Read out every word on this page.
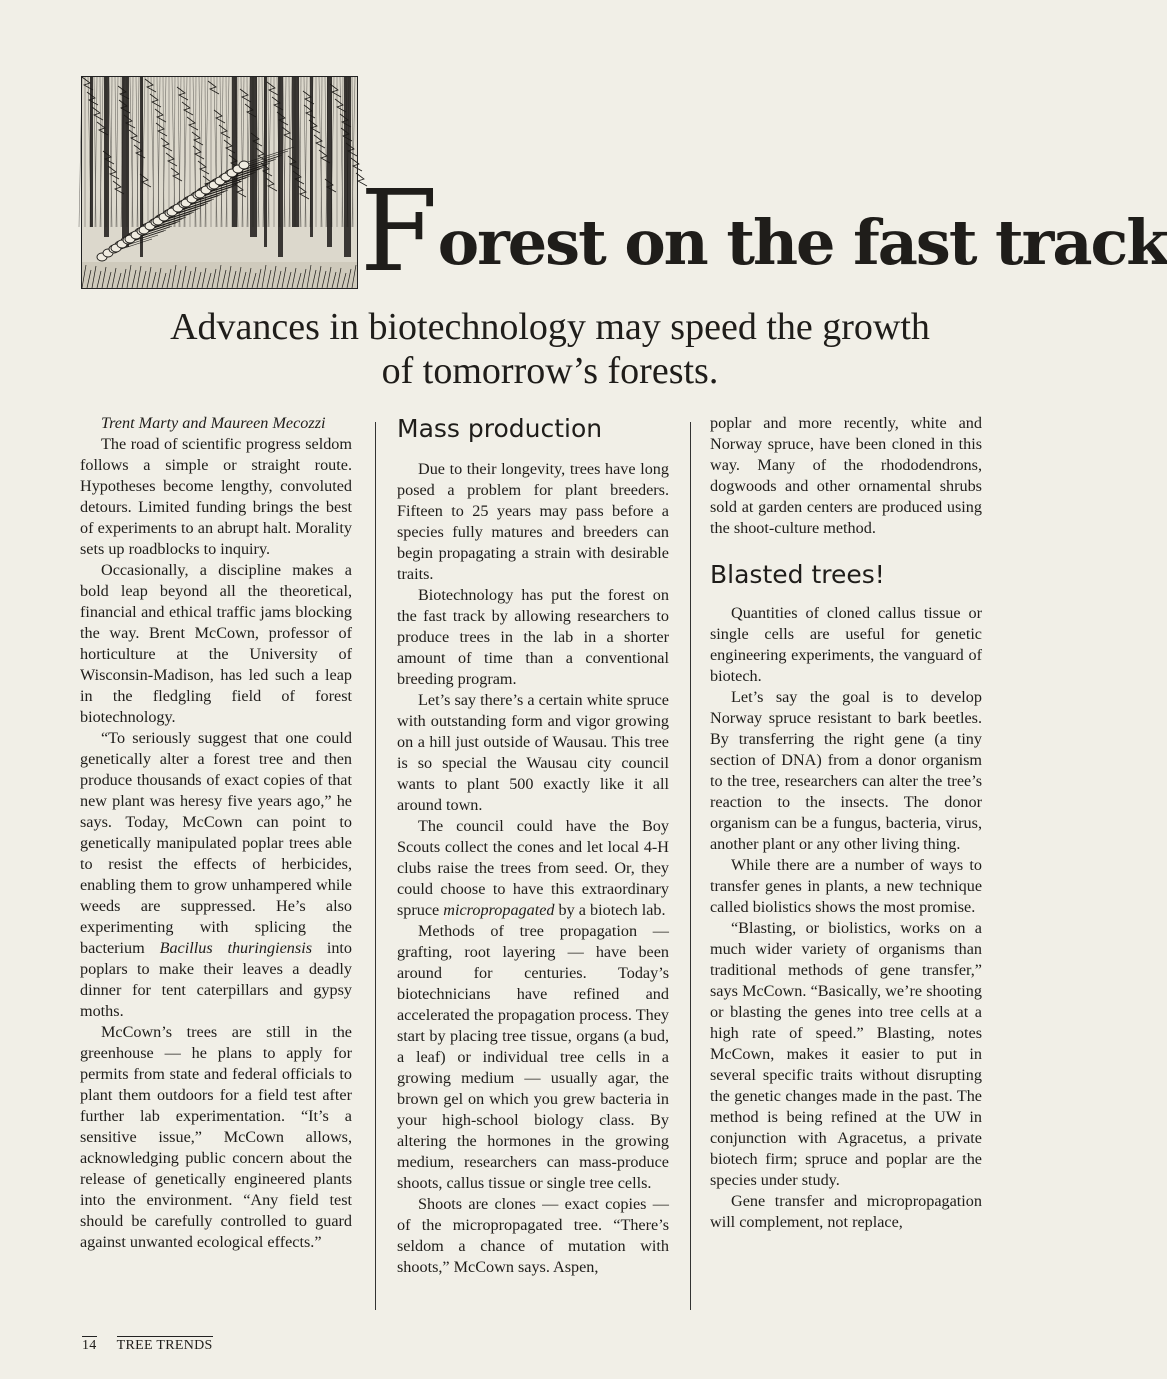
Forest on the fast track
Advances in biotechnology may speed the growth of tomorrow’s forests.

Trent Marty and Maureen Mecozzi

The road of scientific progress seldom follows a simple or straight route. Hypotheses become lengthy, convoluted detours. Limited funding brings the best of experiments to an abrupt halt. Morality sets up roadblocks to inquiry.

Occasionally, a discipline makes a bold leap beyond all the theoretical, financial and ethical traffic jams blocking the way. Brent McCown, professor of horticulture at the University of Wisconsin-Madison, has led such a leap in the fledgling field of forest biotechnology.

“To seriously suggest that one could genetically alter a forest tree and then produce thousands of exact copies of that new plant was heresy five years ago,” he says. Today, McCown can point to genetically manipulated poplar trees able to resist the effects of herbicides, enabling them to grow unhampered while weeds are suppressed. He’s also experimenting with splicing the bacterium Bacillus thuringiensis into poplars to make their leaves a deadly dinner for tent caterpillars and gypsy moths.

McCown’s trees are still in the greenhouse — he plans to apply for permits from state and federal officials to plant them outdoors for a field test after further lab experimentation. “It’s a sensitive issue,” McCown allows, acknowledging public concern about the release of genetically engineered plants into the environment. “Any field test should be carefully controlled to guard against unwanted ecological effects.”

Mass production

Due to their longevity, trees have long posed a problem for plant breeders. Fifteen to 25 years may pass before a species fully matures and breeders can begin propagating a strain with desirable traits.

Biotechnology has put the forest on the fast track by allowing researchers to produce trees in the lab in a shorter amount of time than a conventional breeding program.

Let’s say there’s a certain white spruce with outstanding form and vigor growing on a hill just outside of Wausau. This tree is so special the Wausau city council wants to plant 500 exactly like it all around town.

The council could have the Boy Scouts collect the cones and let local 4-H clubs raise the trees from seed. Or, they could choose to have this extraordinary spruce micropropagated by a biotech lab.

Methods of tree propagation — grafting, root layering — have been around for centuries. Today’s biotechnicians have refined and accelerated the propagation process. They start by placing tree tissue, organs (a bud, a leaf) or individual tree cells in a growing medium — usually agar, the brown gel on which you grew bacteria in your high-school biology class. By altering the hormones in the growing medium, researchers can mass-produce shoots, callus tissue or single tree cells.

Shoots are clones — exact copies — of the micropropagated tree. “There’s seldom a chance of mutation with shoots,” McCown says. Aspen,

poplar and more recently, white and Norway spruce, have been cloned in this way. Many of the rhododendrons, dogwoods and other ornamental shrubs sold at garden centers are produced using the shoot-culture method.

Blasted trees!

Quantities of cloned callus tissue or single cells are useful for genetic engineering experiments, the vanguard of biotech.

Let’s say the goal is to develop Norway spruce resistant to bark beetles. By transferring the right gene (a tiny section of DNA) from a donor organism to the tree, researchers can alter the tree’s reaction to the insects. The donor organism can be a fungus, bacteria, virus, another plant or any other living thing.

While there are a number of ways to transfer genes in plants, a new technique called biolistics shows the most promise.

“Blasting, or biolistics, works on a much wider variety of organisms than traditional methods of gene transfer,” says McCown. “Basically, we’re shooting or blasting the genes into tree cells at a high rate of speed.” Blasting, notes McCown, makes it easier to put in several specific traits without disrupting the genetic changes made in the past. The method is being refined at the UW in conjunction with Agracetus, a private biotech firm; spruce and poplar are the species under study.

Gene transfer and micropropagation will complement, not replace,

14 TREE TRENDS
